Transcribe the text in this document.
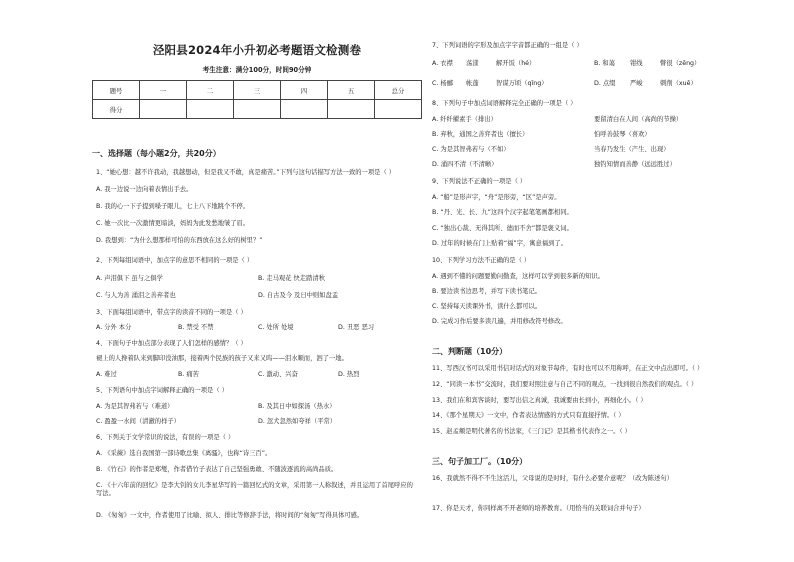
泾阳县2024年小升初必考题语文检测卷
考生注意：满分100分，时间90分钟
题号	一	二	三	四	五	总分
得分						
一、选择题（每小题2分，共20分）
1、“她心想：越不许我动，我越想动，但是我又不敢，真是痛苦。”下列与这句话描写方法一致的一项是（ ）
A. 我一边说一边向着表情出手去。
B. 我的心一下子提到嗓子眼儿，七上八下地跳个不停。
C. 她一次比一次激情更暗淡，妈妈为此发愁地皱了眉。
D. 我想到：“为什么想那样可怕的东西放在这么好的树里？”
2、下列每组词语中，加点字的意思不相同的一项是（ ）
A. 声泪俱下 虽与之俱学	B. 走马观花 快走踏清秋
C. 与人为善 涌泪之善弃者也	D. 自古及今 及日中则如盘盂
3、下面每组词语中，带点字的读音不同的一项是（ ）
A. 分外 本分	B. 禁受 不禁	C. 处所 处境	D. 丑恶 恶习
4、下面句子中加点部分表现了人们怎样的感情？（ ）
褪上的人搀着队来到脚印没油那，接着两个民族的孩子又来又呜——泪水顺而，泗了一地。
A. 难过	B. 痛苦	C. 激动、兴奋	D. 热烈
5、下列语句中加点字词解释正确的一项是（ ）
A. 为是其智弗若与（难道）	B. 及其日中如探汤（热水）
C. 盈盈一水间（清澈的样子）	D. 忽犬忽然如夸祥（平常）
6、下列关于文学常识的说法，有误的一项是（ ）
A. 《采薇》选自我国第一部诗歌总集《离骚》，也称“诗三百”。
B. 《竹石》的作者是郑燮，作者借竹子表达了自己坚强勇敢、不随波逐流的高尚品质。
C. 《十六年前的回忆》是李大钊的女儿李星华写的一篇回忆式的文章，采用第一人称叙述，并且运用了首尾呼应的写法。
D. 《匆匆》一文中，作者使用了比喻、拟人、排比等修辞手法，将时间的“匆匆”写得具体可感。
7、下列词语的字形及加点字字音都正确的一组是（ ）
A. 衣襟 荡漾	解开饭（hé）	B. 和蔼 钳线	瞥很（zēng）
C. 杨郦 帐蓬	智谋万顷（qīng）	D. 点缀 严峻	刺削（xuē）
8、下列句子中加点词语解释完全正确的一项是（ ）
A. 纤纤擢素手（排出）	要留清白在人间（高尚的节操）
B. 弃秋，通国之善弈者也（擅长）	怕呼善鼓琴（喜欢）
C. 为是其智弗若与（不如）	当春乃发生（产生、出现）
D. 涌四不清（不清晰）	独钓知情而善静（远远胜过）
9、下列说法不正确的一项是（ ）
A. “船”是形声字，“舟”是形旁，“区”是声旁。
B. “丹、光、长、九”这四个汉字起笔笔画都相同。
C. “独出心裁、无得其所、德而不舍”都是褒义词。
D. 过年的时候在门上贴着“福”字，寓意福到了。
10、下列学习方法不正确的是（ ）
A. 遇到不懂的问题要勤问勤查，这样可以学到很多新的知识。
B. 要边读书边思考，并写下读书笔记。
C. 坚持每天读课外书，读什么都可以。
D. 完成习作后要多读几遍，并用修改符号修改。
二、判断题（10分）
11、写西汉书可以采用书信对话式的对象节每件，有时也可以不用称呼，在正文中点出即可。（ ）
12、“同读一本书”交流时，我们要对照注意与自己不同的观点，一找到很自然我们的观点。（ ）
13、我们在和宾客谈时，要写出信之真诚，我诚要由长到小，再细化小。（ ）
14、《那个星期天》一文中，作者表达情感的方式只有直接抒情。（ ）
15、赵孟頫是明代著名的书法家，《三门记》是其楷书代表作之一。（ ）
三、句子加工厂。（10分）
16、我就然不得不不生这活儿，父母说的是时时，有什么必要介意呢？（改为陈述句）
17、你是天才，你同样离不开老师的培养教育。（用恰当的关联词合并句子）
